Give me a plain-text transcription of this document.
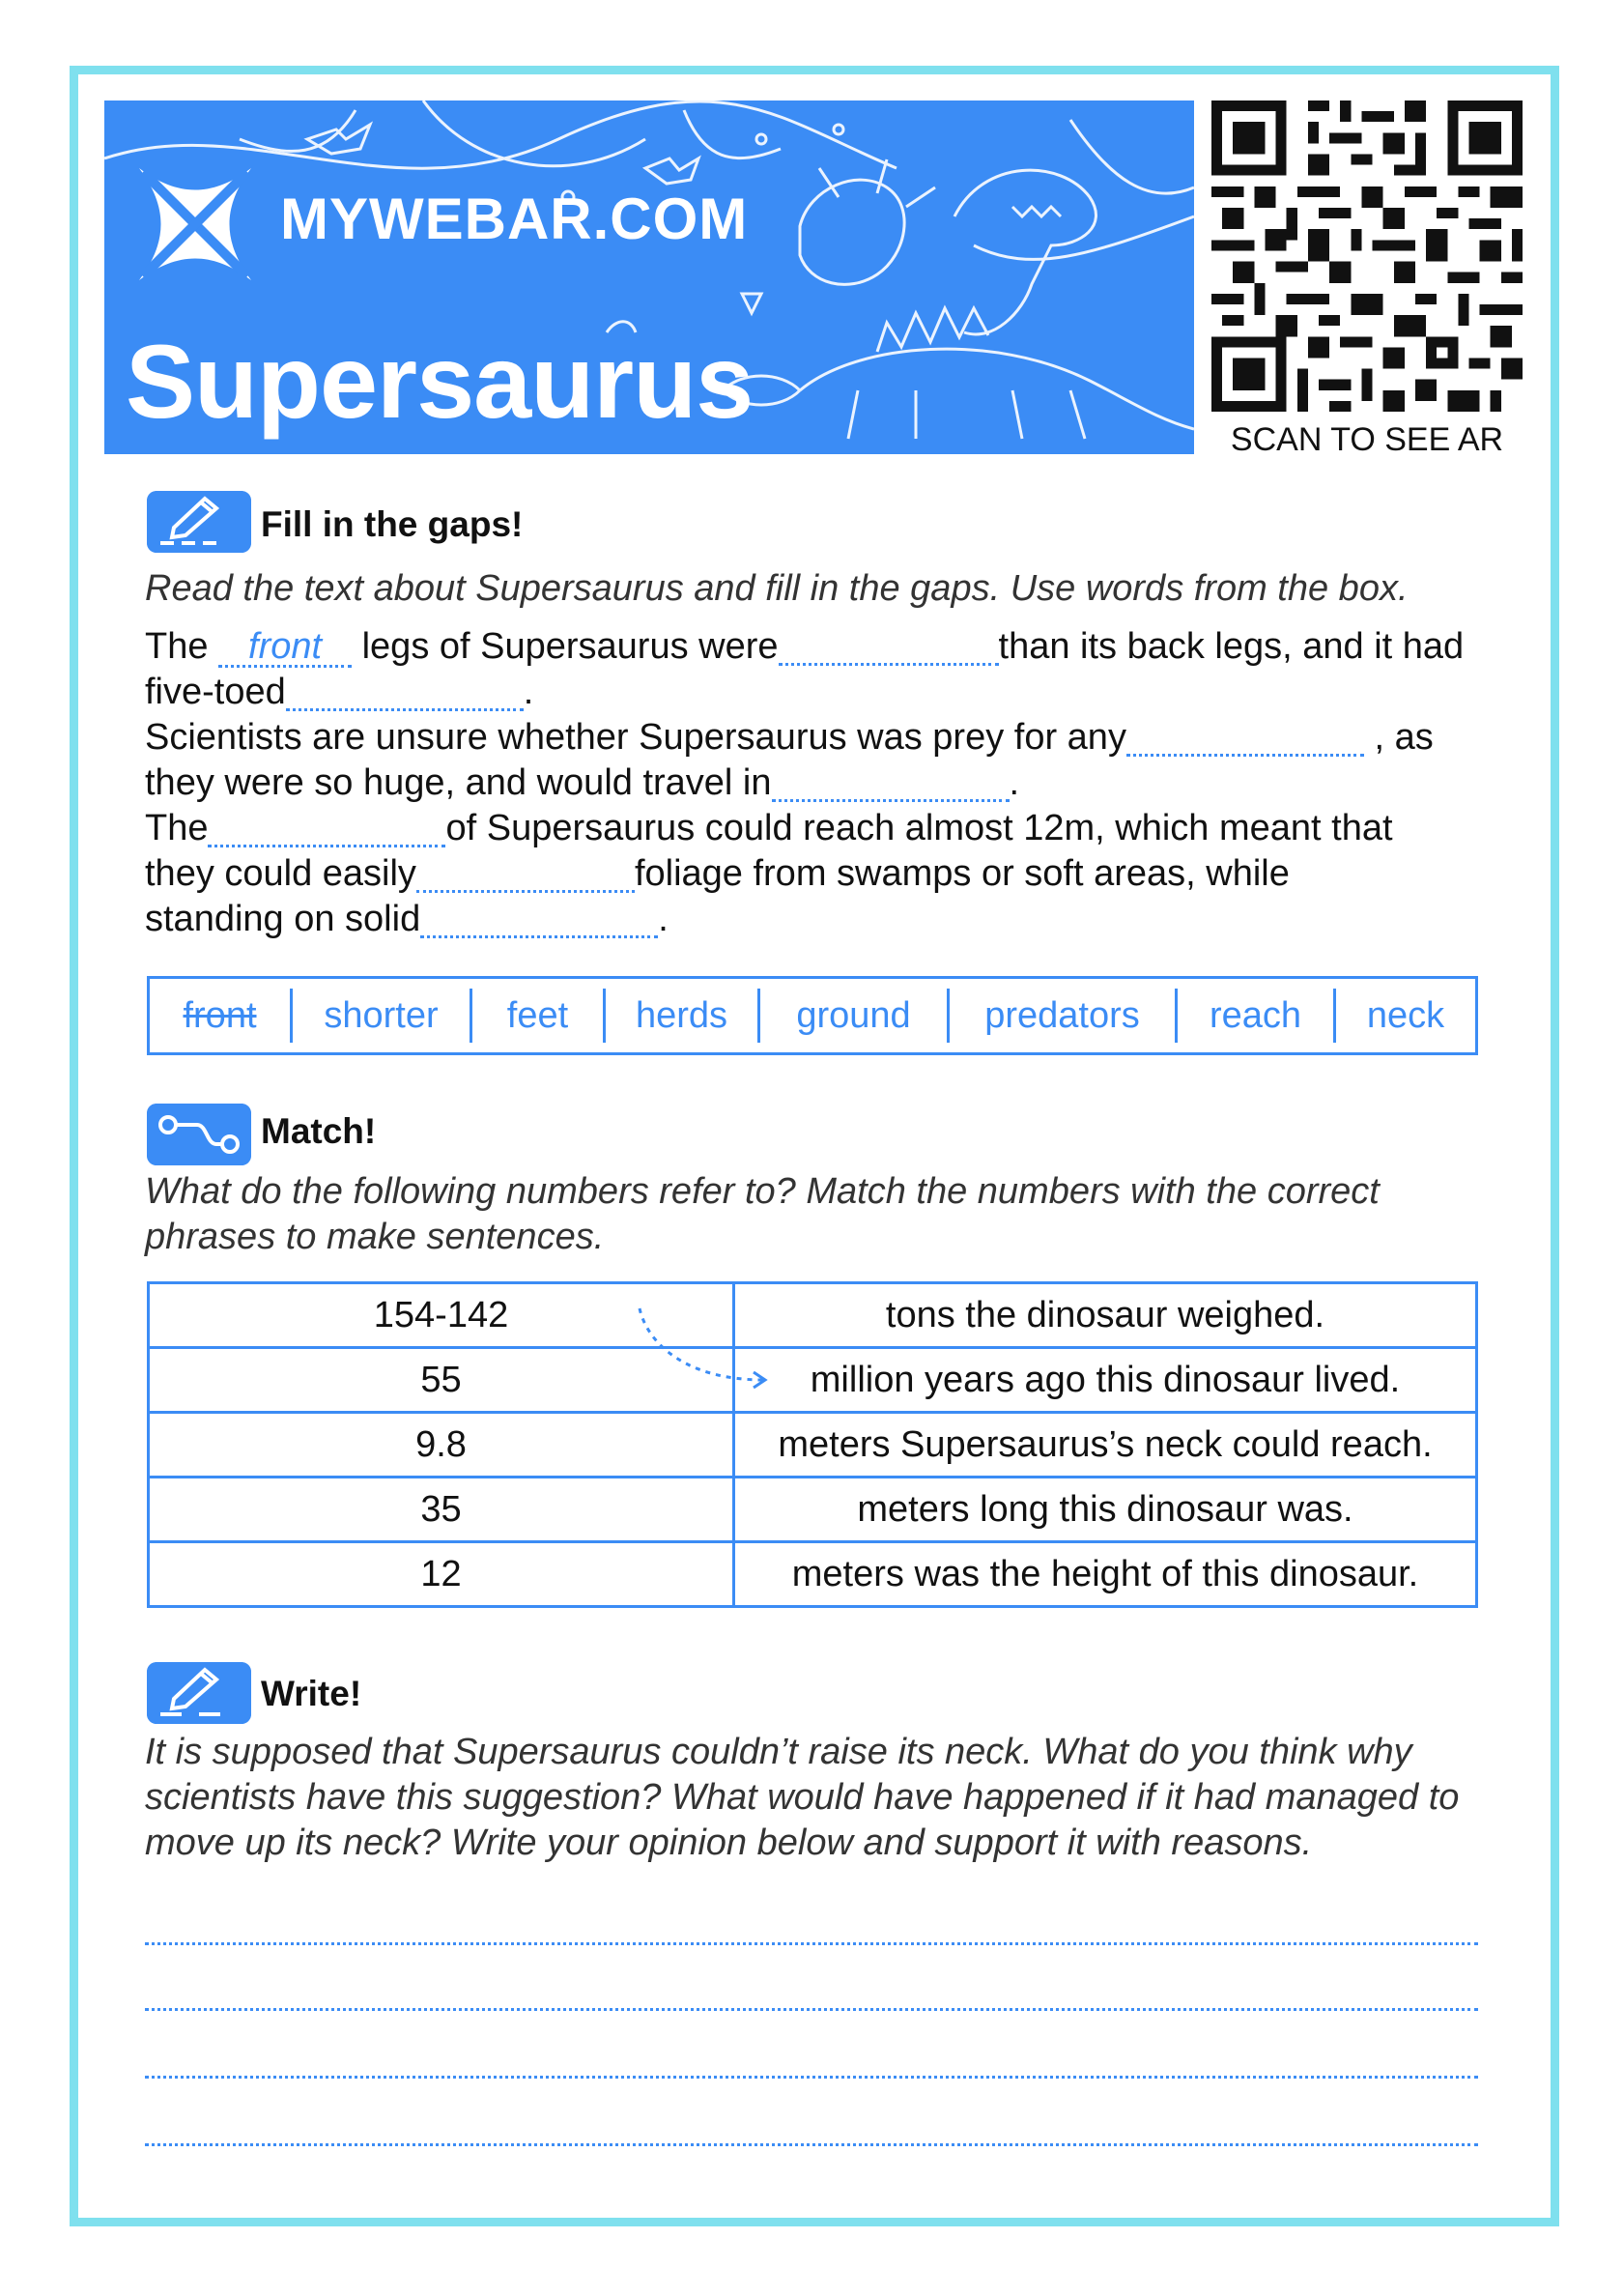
MYWEBAR.COM
Supersaurus	SCAN TO SEE AR
Fill in the gaps!
Read the text about Supersaurus and fill in the gaps. Use words from the box.
The front legs of Supersaurus were	than its back legs, and it had
five-toed	.
Scientists are unsure whether Supersaurus was prey for any	, as
they were so huge, and would travel in	.
The	of Supersaurus could reach almost 12m, which meant that
they could easily	foliage from swamps or soft areas, while
standing on solid	.
front	shorter	feet	herds	ground	predators	reach	neck
Match!
What do the following numbers refer to? Match the numbers with the correct phrases to make sentences.
154-142	tons the dinosaur weighed.
55	million years ago this dinosaur lived.
9.8	meters Supersaurus’s neck could reach.
35	meters long this dinosaur was.
12	meters was the height of this dinosaur.
Write!
It is supposed that Supersaurus couldn’t raise its neck. What do you think why scientists have this suggestion? What would have happened if it had managed to move up its neck? Write your opinion below and support it with reasons.
